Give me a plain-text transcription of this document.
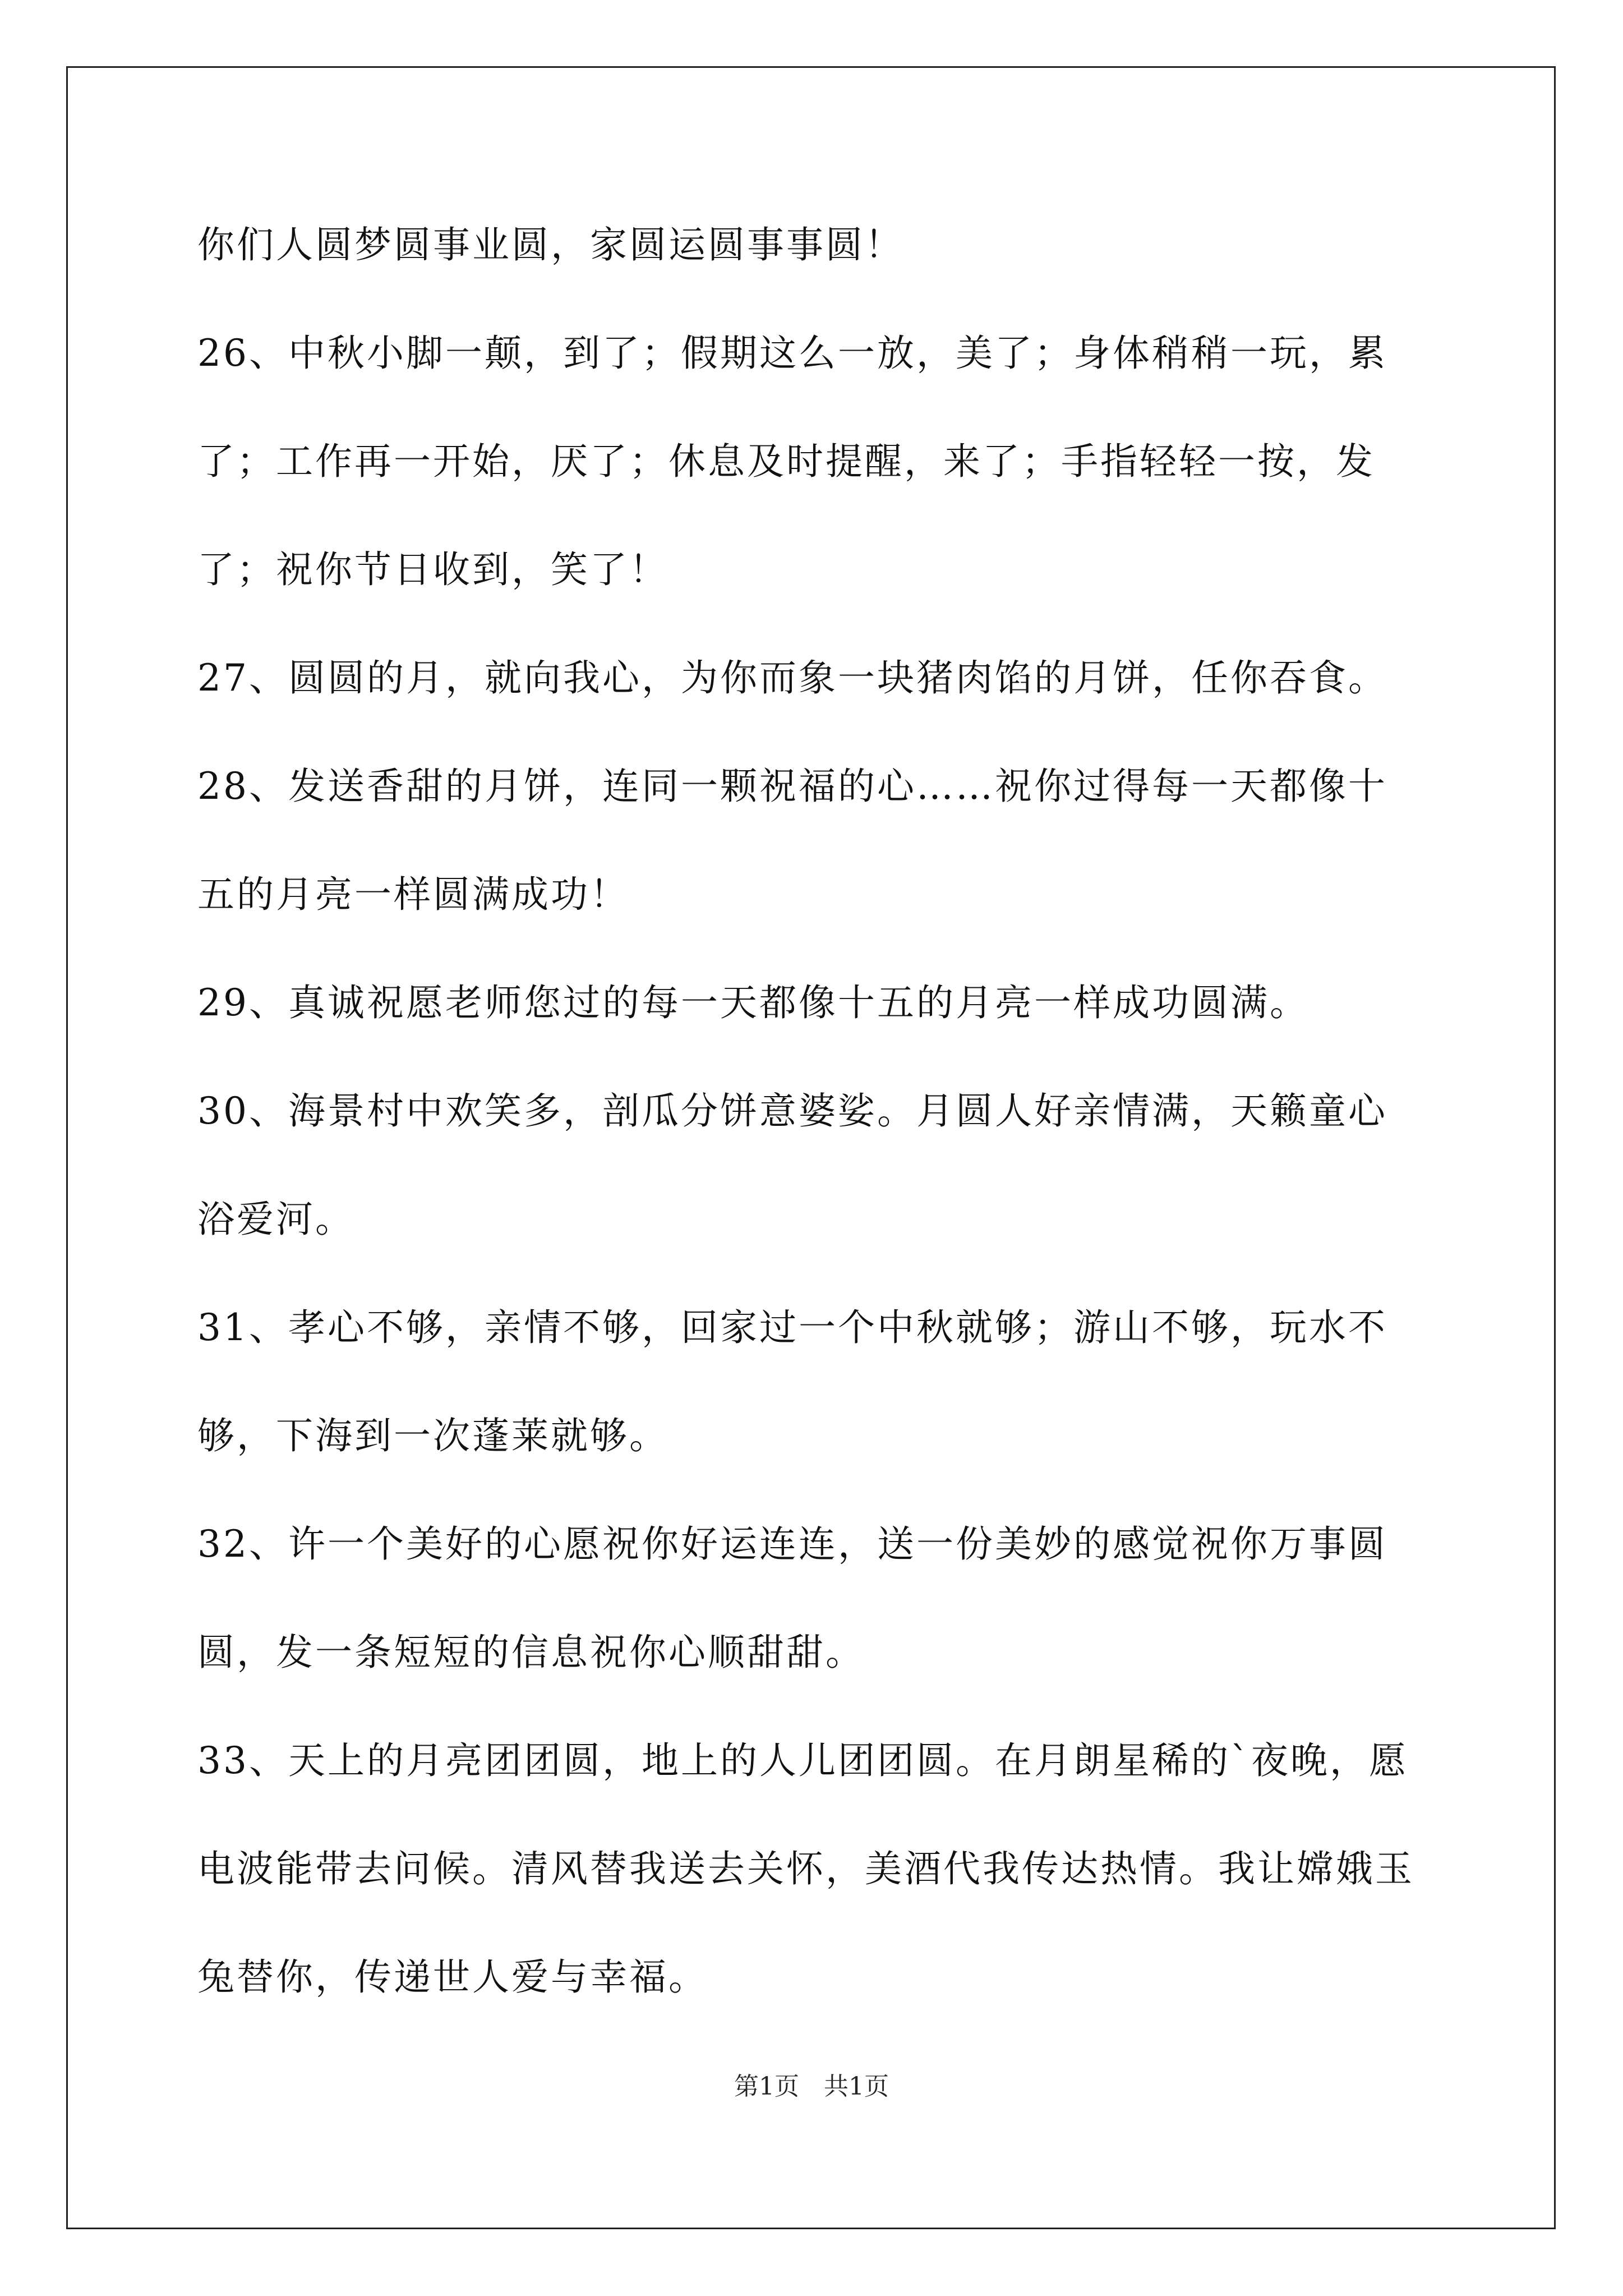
你们人圆梦圆事业圆，家圆运圆事事圆！

26、中秋小脚一颠，到了；假期这么一放，美了；身体稍稍一玩，累了；工作再一开始，厌了；休息及时提醒，来了；手指轻轻一按，发了；祝你节日收到，笑了！

27、圆圆的月，就向我心，为你而象一块猪肉馅的月饼，任你吞食。

28、发送香甜的月饼，连同一颗祝福的心……祝你过得每一天都像十五的月亮一样圆满成功！

29、真诚祝愿老师您过的每一天都像十五的月亮一样成功圆满。

30、海景村中欢笑多，剖瓜分饼意婆娑。月圆人好亲情满，天籁童心浴爱河。

31、孝心不够，亲情不够，回家过一个中秋就够；游山不够，玩水不够，下海到一次蓬莱就够。

32、许一个美好的心愿祝你好运连连，送一份美妙的感觉祝你万事圆圆，发一条短短的信息祝你心顺甜甜。

33、天上的月亮团团圆，地上的人儿团团圆。在月朗星稀的`夜晚，愿电波能带去问候。清风替我送去关怀，美酒代我传达热情。我让嫦娥玉兔替你，传递世人爱与幸福。

第1页　共1页
